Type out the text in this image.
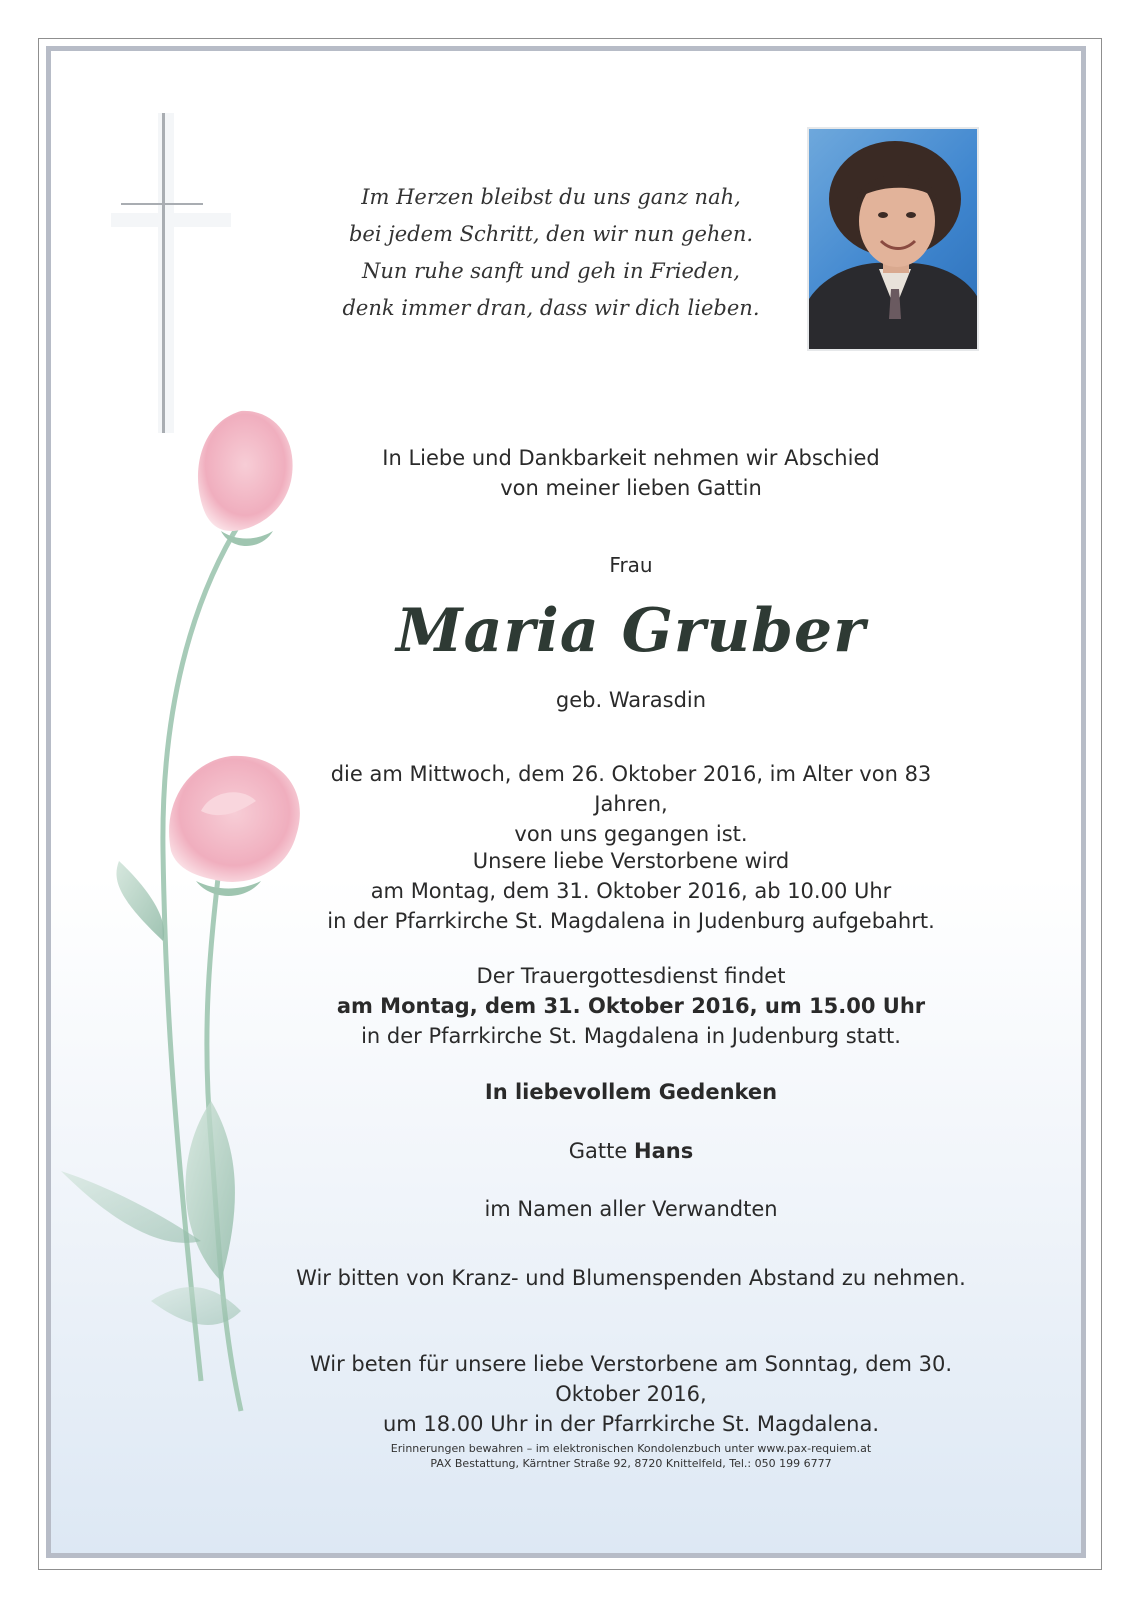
Im Herzen bleibst du uns ganz nah,
bei jedem Schritt, den wir nun gehen.
Nun ruhe sanft und geh in Frieden,
denk immer dran, dass wir dich lieben.
In Liebe und Dankbarkeit nehmen wir Abschied
von meiner lieben Gattin
Frau
Maria Gruber
geb. Warasdin
die am Mittwoch, dem 26. Oktober 2016, im Alter von 83 Jahren,
von uns gegangen ist.
Unsere liebe Verstorbene wird
am Montag, dem 31. Oktober 2016, ab 10.00 Uhr
in der Pfarrkirche St. Magdalena in Judenburg aufgebahrt.
Der Trauergottesdienst findet
am Montag, dem 31. Oktober 2016, um 15.00 Uhr
in der Pfarrkirche St. Magdalena in Judenburg statt.
In liebevollem Gedenken
Gatte Hans
im Namen aller Verwandten
Wir bitten von Kranz- und Blumenspenden Abstand zu nehmen.
Wir beten für unsere liebe Verstorbene am Sonntag, dem 30. Oktober 2016,
um 18.00 Uhr in der Pfarrkirche St. Magdalena.
Erinnerungen bewahren – im elektronischen Kondolenzbuch unter www.pax-requiem.at
PAX Bestattung, Kärntner Straße 92, 8720 Knittelfeld, Tel.: 050 199 6777
